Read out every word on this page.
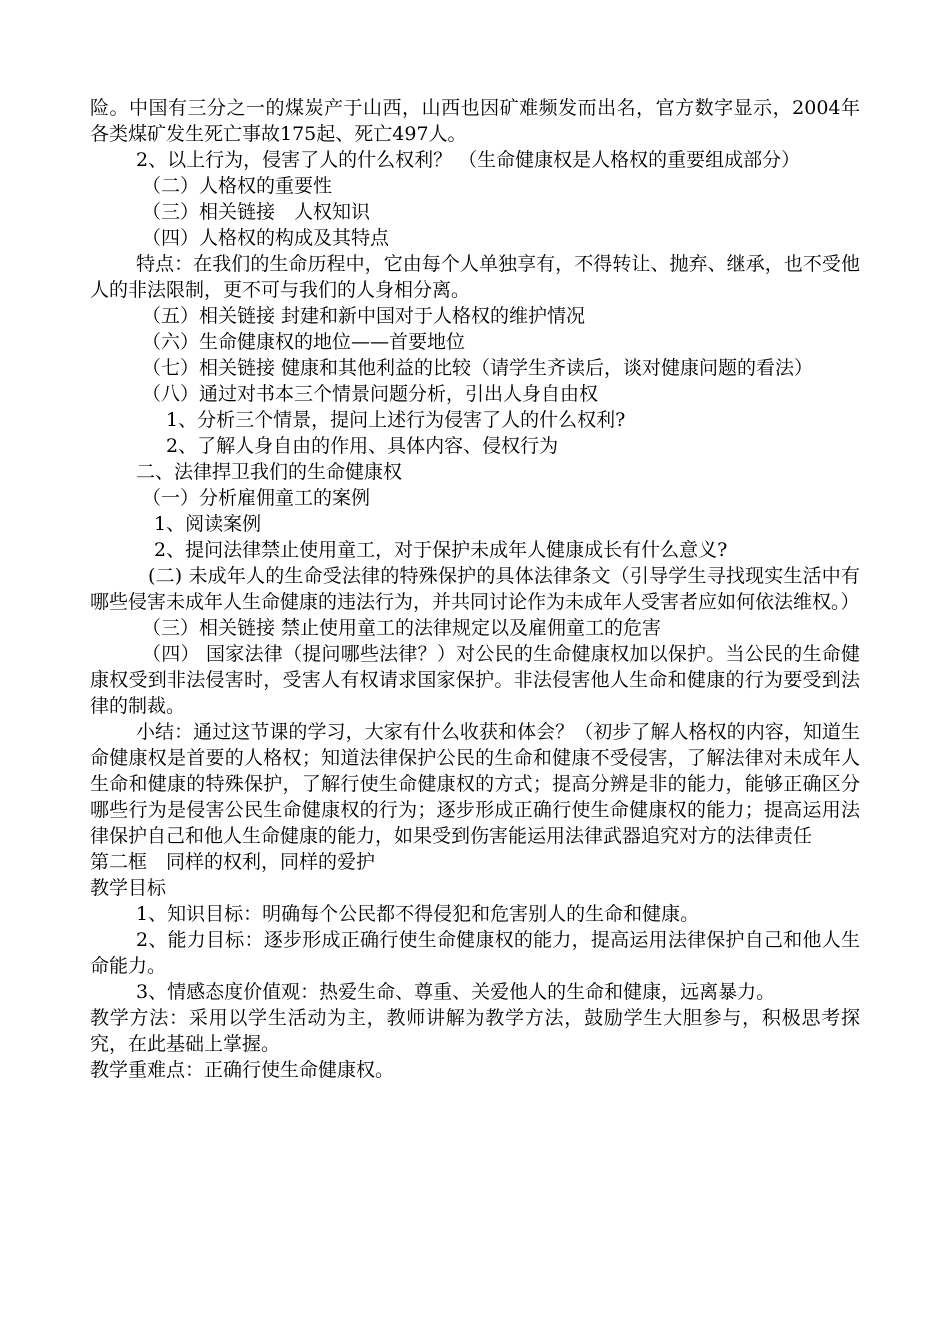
险。中国有三分之一的煤炭产于山西，山西也因矿难频发而出名，官方数字显示，2004年各类煤矿发生死亡事故175起、死亡497人。

2、以上行为，侵害了人的什么权利？ （生命健康权是人格权的重要组成部分）

（二）人格权的重要性

（三）相关链接　人权知识

（四）人格权的构成及其特点

特点：在我们的生命历程中，它由每个人单独享有，不得转让、抛弃、继承，也不受他人的非法限制，更不可与我们的人身相分离。

（五）相关链接 封建和新中国对于人格权的维护情况

（六）生命健康权的地位——首要地位

（七）相关链接 健康和其他利益的比较（请学生齐读后，谈对健康问题的看法）

（八）通过对书本三个情景问题分析，引出人身自由权

1、分析三个情景，提问上述行为侵害了人的什么权利?

2、了解人身自由的作用、具体内容、侵权行为

二、法律捍卫我们的生命健康权

（一）分析雇佣童工的案例

1、阅读案例

2、提问法律禁止使用童工，对于保护未成年人健康成长有什么意义?

(二) 未成年人的生命受法律的特殊保护的具体法律条文（引导学生寻找现实生活中有哪些侵害未成年人生命健康的违法行为，并共同讨论作为未成年人受害者应如何依法维权。）

（三）相关链接 禁止使用童工的法律规定以及雇佣童工的危害

（四） 国家法律（提问哪些法律？）对公民的生命健康权加以保护。当公民的生命健康权受到非法侵害时，受害人有权请求国家保护。非法侵害他人生命和健康的行为要受到法律的制裁。

小结：通过这节课的学习，大家有什么收获和体会？（初步了解人格权的内容，知道生命健康权是首要的人格权；知道法律保护公民的生命和健康不受侵害，了解法律对未成年人生命和健康的特殊保护，了解行使生命健康权的方式；提高分辨是非的能力，能够正确区分哪些行为是侵害公民生命健康权的行为；逐步形成正确行使生命健康权的能力；提高运用法律保护自己和他人生命健康的能力，如果受到伤害能运用法律武器追究对方的法律责任

第二框　同样的权利，同样的爱护

教学目标

1、知识目标：明确每个公民都不得侵犯和危害别人的生命和健康。

2、能力目标：逐步形成正确行使生命健康权的能力，提高运用法律保护自己和他人生命能力。

3、情感态度价值观：热爱生命、尊重、关爱他人的生命和健康，远离暴力。

教学方法：采用以学生活动为主，教师讲解为教学方法，鼓励学生大胆参与，积极思考探究，在此基础上掌握。

教学重难点：正确行使生命健康权。
